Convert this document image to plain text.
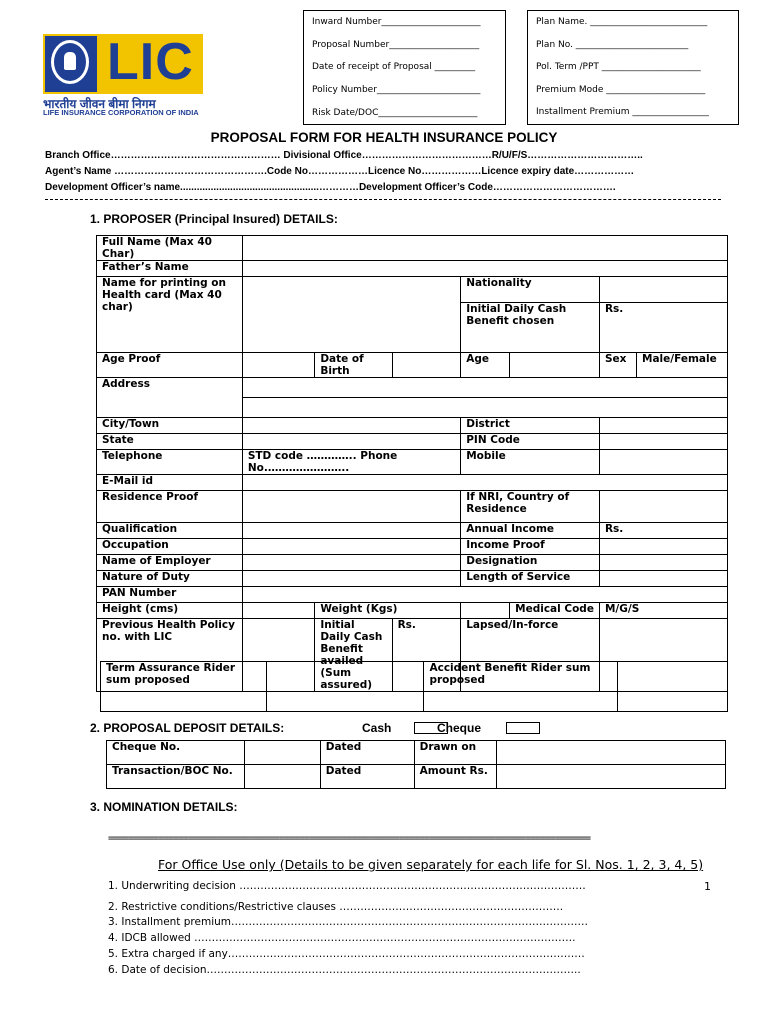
Inward Number______________________
Proposal Number____________________
Date of receipt of Proposal _________
Policy Number_______________________
Risk Date/DOC______________________
Plan Name. __________________________
Plan No. _________________________
Pol. Term /PPT ______________________
Premium Mode ______________________
Installment Premium _________________
LIC
भारतीय जीवन बीमा निगम
LIFE INSURANCE CORPORATION OF INDIA
PROPOSAL FORM FOR HEALTH INSURANCE POLICY
Branch Office…………………………………………… Divisional Office…………………………………R/U/F/S……………………………..
Agent’s Name ……………………………………….Code No………………Licence No………………Licence expiry date………………
Development Officer’s name..................................................…………Development Officer’s Code……………………………….
1. PROPOSER (Principal Insured) DETAILS:
Full Name (Max 40 Char)							
Father’s Name							
Name for printing on Health card (Max 40 char)				Nationality			
				Initial Daily Cash Benefit chosen		Rs.	
Age Proof		Date of Birth		Age		Sex	Male/Female
Address							

City/Town				District			
State				PIN Code			
Telephone	STD code ………….. Phone No.…………………..			Mobile			
E-Mail id							
Residence Proof				If NRI, Country of Residence			
Qualification				Annual Income		Rs.	
Occupation				Income Proof			
Name of Employer				Designation			
Nature of Duty				Length of Service			
PAN Number							
Height (cms)		Weight (Kgs)			Medical Code	M/G/S	
Previous Health Policy no. with LIC		Initial Daily Cash Benefit availed (Sum assured)	Rs.	Lapsed/In-force			
Term Assurance Rider sum proposed		Accident Benefit Rider sum proposed	
2. PROPOSAL DEPOSIT DETAILS:	Cash	Cheque
Cheque No.		Dated	Drawn on	
Transaction/BOC No.		Dated	Amount Rs.	
3. NOMINATION DETAILS:
================================================================================================
For Office Use only (Details to be given separately for each life for Sl. Nos. 1, 2, 3, 4, 5)
1. Underwriting decision ………………………………………………………………………………………	1
2. Restrictive conditions/Restrictive clauses ……………………………………………………….
3. Installment premium…………………………………………………………………………………………
4. IDCB allowed ……………………………………………………………………………………………….
5. Extra charged if any…………………………………………………………………………………………
6. Date of decision……………………………………………………………………………………………..
